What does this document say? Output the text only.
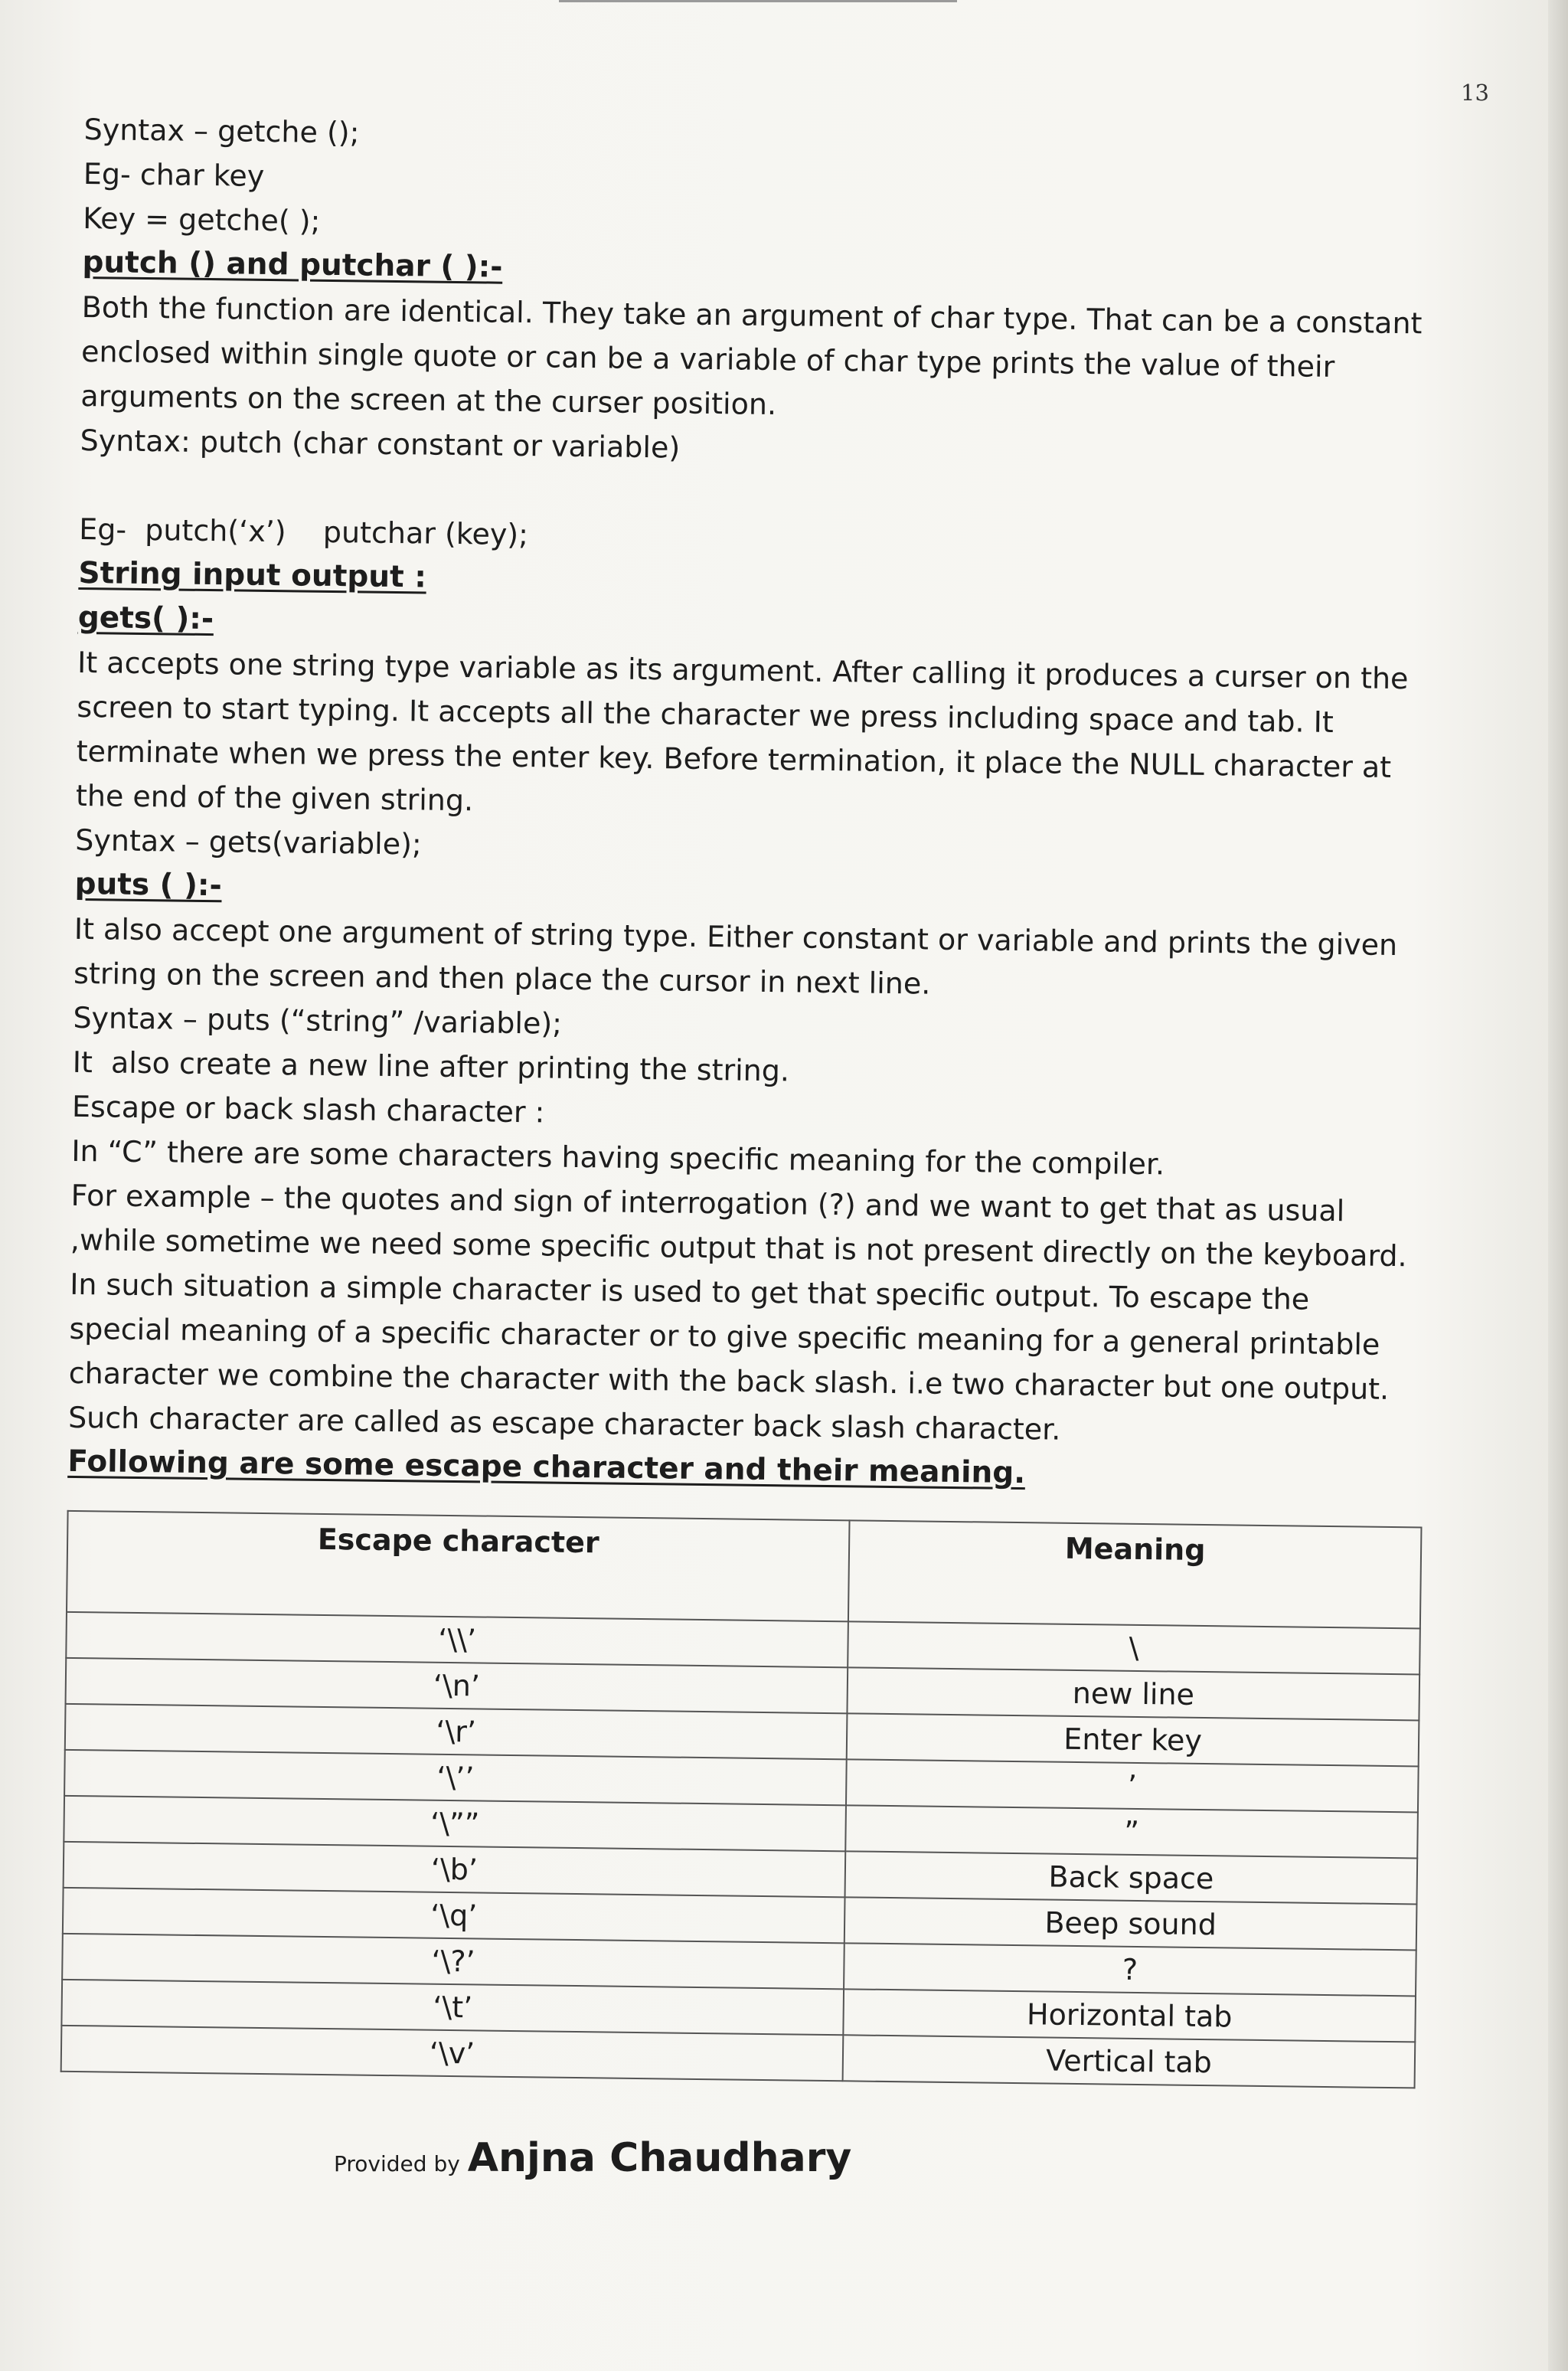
13

Syntax – getche ();

Eg- char key

Key = getche( );

putch () and putchar ( ):-

Both the function are identical. They take an argument of char type. That can be a constant enclosed within single quote or can be a variable of char type prints the value of their arguments on the screen at the curser position.

Syntax: putch (char constant or variable)

Eg-  putch(‘x’)    putchar (key);

String input output :

gets( ):-

It accepts one string type variable as its argument. After calling it produces a curser on the screen to start typing. It accepts all the character we press including space and tab. It terminate when we press the enter key. Before termination, it place the NULL character at the end of the given string.

Syntax – gets(variable);

puts ( ):-

It also accept one argument of string type. Either constant or variable and prints the given string on the screen and then place the cursor in next line.

Syntax – puts (“string” /variable);

It  also create a new line after printing the string.

Escape or back slash character :

In “C” there are some characters having specific meaning for the compiler.

For example – the quotes and sign of interrogation (?) and we want to get that as usual ,while sometime we need some specific output that is not present directly on the keyboard. In such situation a simple character is used to get that specific output. To escape the special meaning of a specific character or to give specific meaning for a general printable character we combine the character with the back slash. i.e two character but one output. Such character are called as escape character back slash character.

Following are some escape character and their meaning.

Escape character	Meaning
‘\\’	\
‘\n’	new line
‘\r’	Enter key
‘\’’	’
‘\””	”
‘\b’	Back space
‘\q’	Beep sound
‘\?’	?
‘\t’	Horizontal tab
‘\v’	Vertical tab
Provided by Anjna Chaudhary
